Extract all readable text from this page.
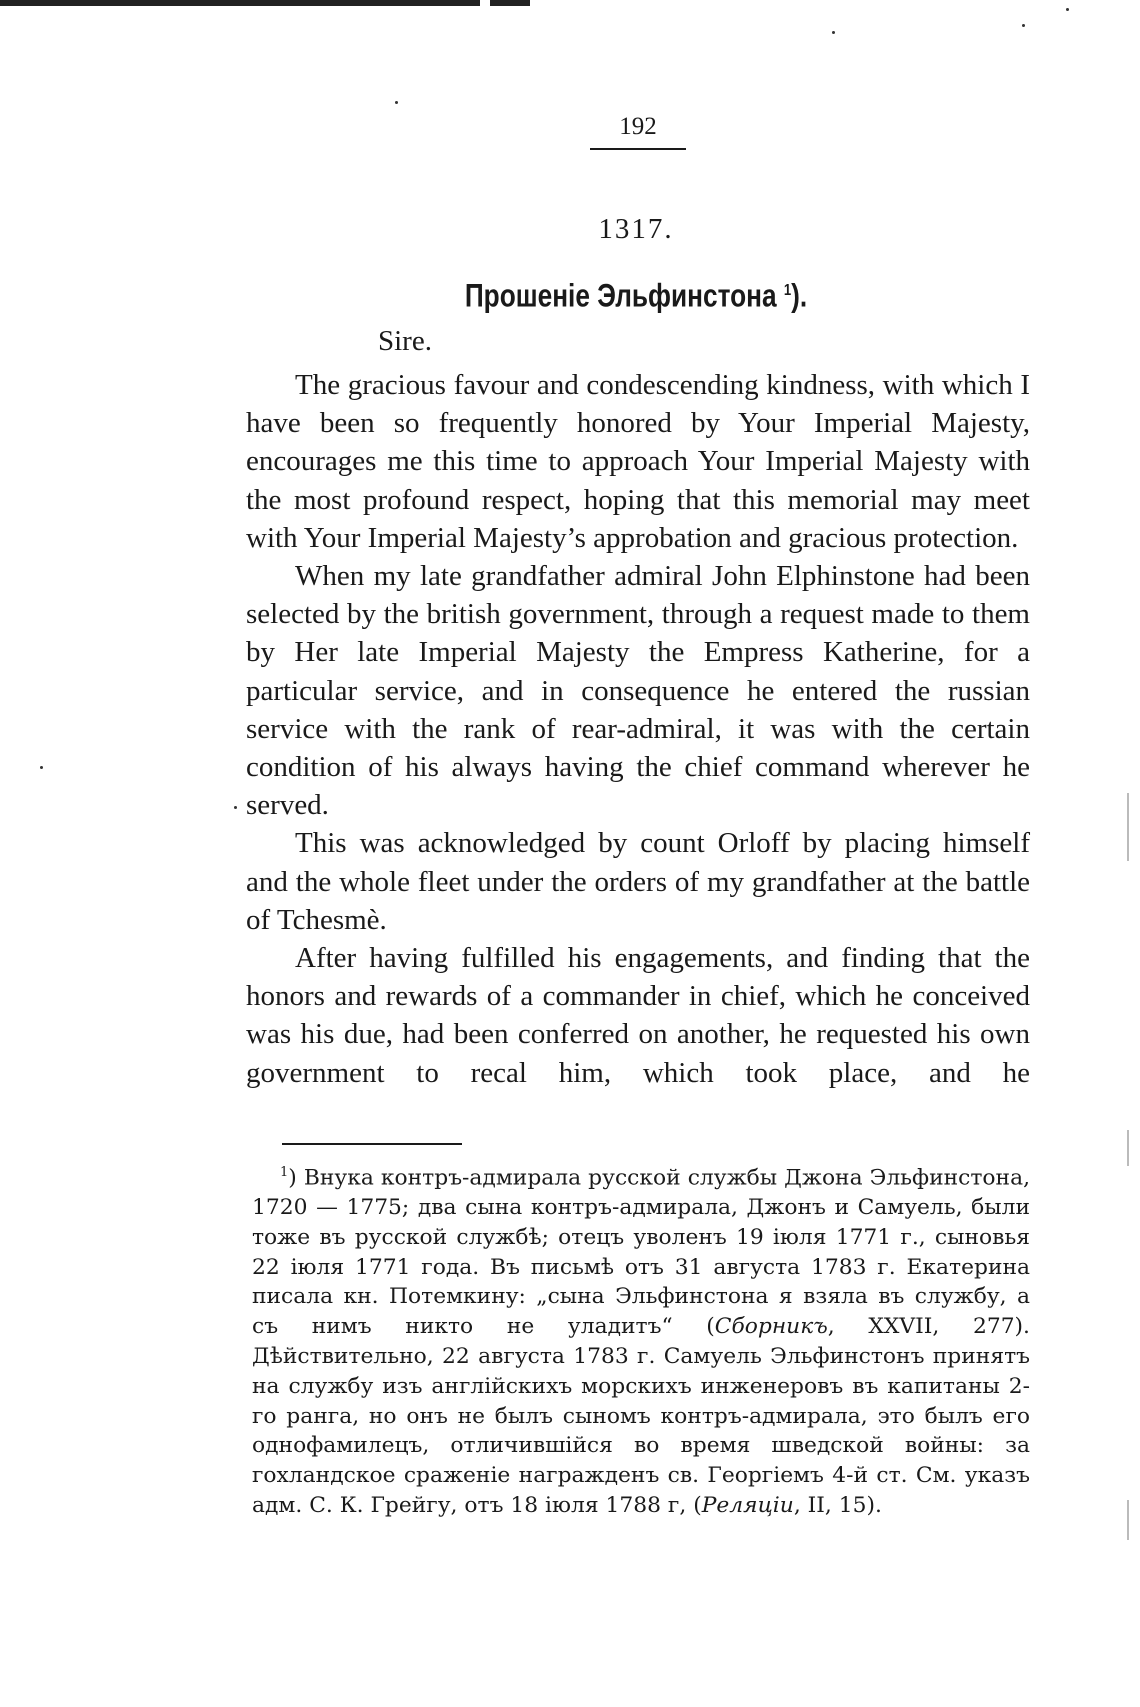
192
1317.
Прошеніе Эльфинстона $^1$).
Sire.

The gracious favour and condescending kindness, with which I have been so frequently honored by Your Imperial Majesty, encourages me this time to approach Your Imperial Majesty with the most profound respect, hoping that this memorial may meet with Your Imperial Majesty’s approbation and gracious protection.

When my late grandfather admiral John Elphinstone had been selected by the british government, through a request made to them by Her late Imperial Majesty the Empress Katherine, for a particular service, and in consequence he entered the russian service with the rank of rear-admiral, it was with the certain condition of his always having the chief command wherever he served.

This was acknowledged by count Orloff by placing himself and the whole fleet under the orders of my grandfather at the battle of Tchesmè.

After having fulfilled his engagements, and finding that the honors and rewards of a commander in chief, which he conceived was his due, had been conferred on another, he requested his own government to recal him, which took place, and he

$^1$) Внука контръ-адмирала русской службы Джона Эльфинстона, 1720 — 1775; два сына контръ-адмирала, Джонъ и Самуель, были тоже въ русской службѣ; отецъ уволенъ 19 іюля 1771 г., сыновья 22 іюля 1771 года. Въ письмѣ отъ 31 августа 1783 г. Екатерина писала кн. Потемкину: „сына Эльфинстона я взяла въ службу, а съ нимъ никто не уладитъ“ (Сборникъ, XXVII, 277). Дѣйствительно, 22 августа 1783 г. Самуель Эльфинстонъ принятъ на службу изъ англійскихъ морскихъ инженеровъ въ капитаны 2-го ранга, но онъ не былъ сыномъ контръ-адмирала, это былъ его однофамилецъ, отличившійся во время шведской войны: за гохландское сраженіе награжденъ св. Георгіемъ 4-й ст. См. указъ адм. С. К. Грейгу, отъ 18 іюля 1788 г, (Реляціи, II, 15).
